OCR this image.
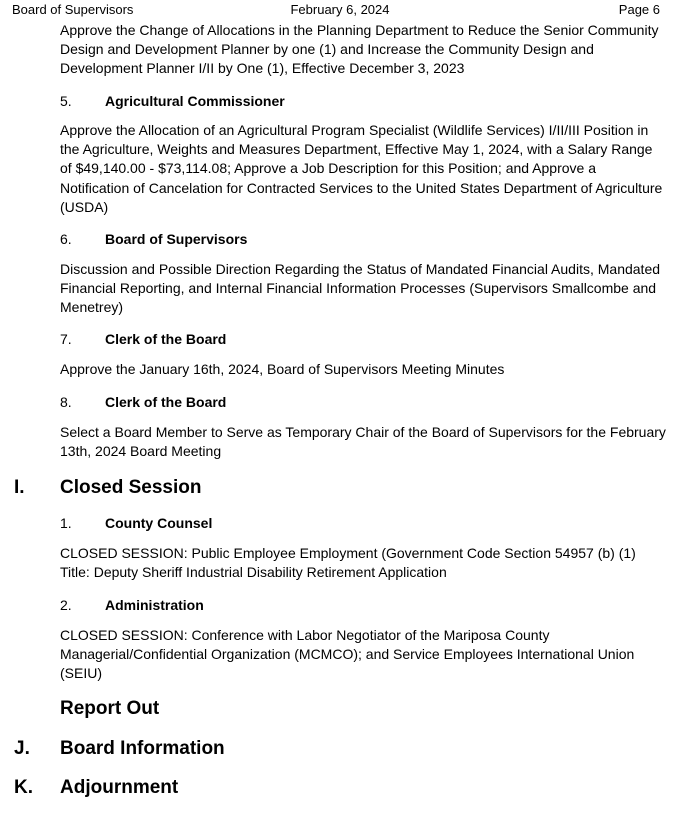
Board of Supervisors	February 6, 2024	Page 6
Approve the Change of Allocations in the Planning Department to Reduce the Senior Community Design and Development Planner by one (1) and Increase the Community Design and Development Planner I/II by One (1), Effective December 3, 2023
5. Agricultural Commissioner
Approve the Allocation of an Agricultural Program Specialist (Wildlife Services) I/II/III Position in the Agriculture, Weights and Measures Department, Effective May 1, 2024, with a Salary Range of $49,140.00 - $73,114.08; Approve a Job Description for this Position; and Approve a Notification of Cancelation for Contracted Services to the United States Department of Agriculture (USDA)
6. Board of Supervisors
Discussion and Possible Direction Regarding the Status of Mandated Financial Audits, Mandated Financial Reporting, and Internal Financial Information Processes (Supervisors Smallcombe and Menetrey)
7. Clerk of the Board
Approve the January 16th, 2024, Board of Supervisors Meeting Minutes
8. Clerk of the Board
Select a Board Member to Serve as Temporary Chair of the Board of Supervisors for the February 13th, 2024 Board Meeting
I. Closed Session
1. County Counsel
CLOSED SESSION: Public Employee Employment (Government Code Section 54957 (b) (1) Title: Deputy Sheriff Industrial Disability Retirement Application
2. Administration
CLOSED SESSION: Conference with Labor Negotiator of the Mariposa County Managerial/Confidential Organization (MCMCO); and Service Employees International Union (SEIU)
Report Out
J. Board Information
K. Adjournment
